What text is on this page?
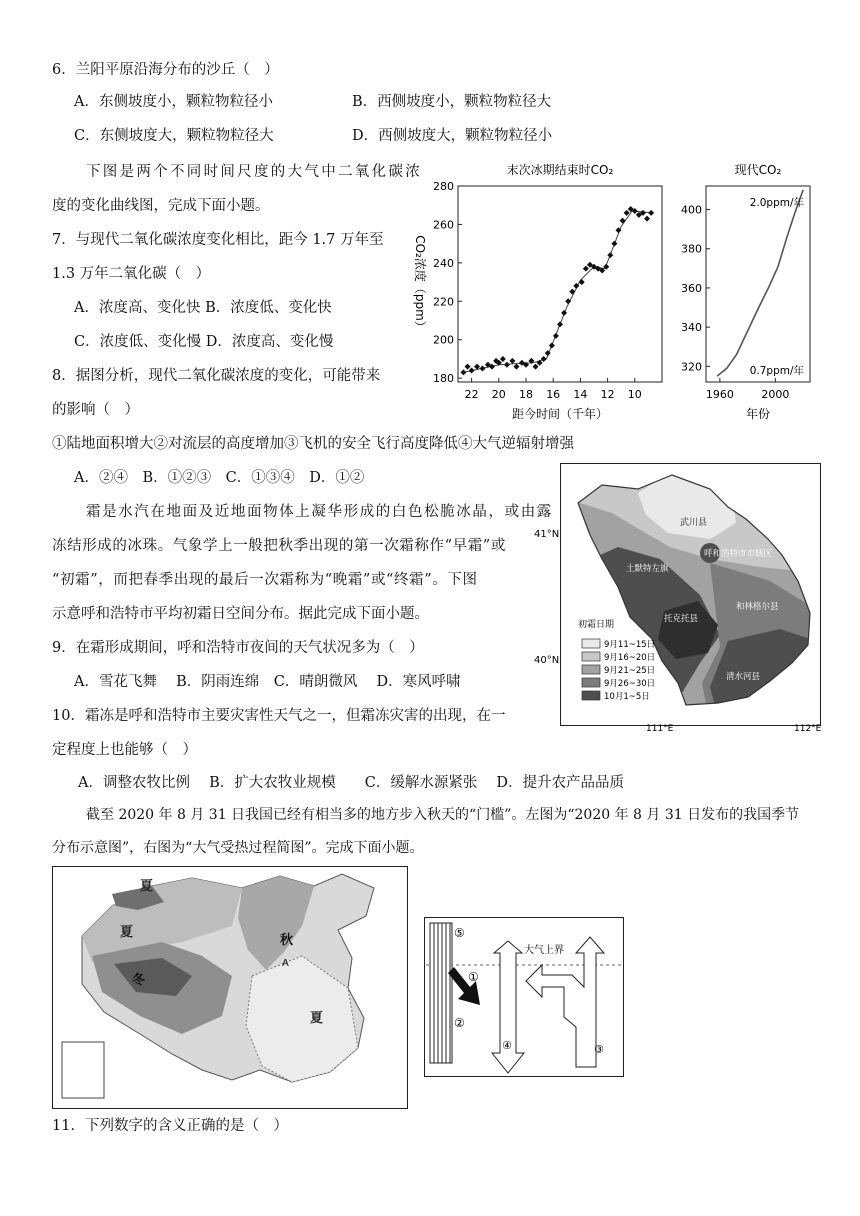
6．兰阳平原沿海分布的沙丘（　）
A．东侧坡度小，颗粒物粒径小	B．西侧坡度小，颗粒物粒径大
C．东侧坡度大，颗粒物粒径大	D．西侧坡度大，颗粒物粒径小
下图是两个不同时间尺度的大气中二氧化碳浓
度的变化曲线图，完成下面小题。
7．与现代二氧化碳浓度变化相比，距今 1.7 万年至
1.3 万年二氧化碳（　）
A．浓度高、变化快 B．浓度低、变化快
C．浓度低、变化慢 D．浓度高、变化慢
8．据图分析，现代二氧化碳浓度的变化，可能带来
的影响（　）
①陆地面积增大②对流层的高度增加③飞机的安全飞行高度降低④大气逆辐射增强
A．②④　B．①②③　C．①③④　D．①②
末次冰期结束时CO₂
180
200
220
240
260
280
22 20 18 16 14 12 10
距今时间（千年）
CO₂浓度（ppm）
现代CO₂
320
340
360
380
400
1960 2000
年份
2.0ppm/年
0.7ppm/年
霜是水汽在地面及近地面物体上凝华形成的白色松脆冰晶，或由露
冻结形成的冰珠。气象学上一般把秋季出现的第一次霜称作“早霜”或
“初霜”，而把春季出现的最后一次霜称为“晚霜”或“终霜”。下图
示意呼和浩特市平均初霜日空间分布。据此完成下面小题。
9．在霜形成期间，呼和浩特市夜间的天气状况多为（　）
A．雪花飞舞　 B．阴雨连绵　C．晴朗微风　 D．寒风呼啸
10．霜冻是呼和浩特市主要灾害性天气之一，但霜冻灾害的出现，在一
定程度上也能够（　）
A．调整农牧比例　 B．扩大农牧业规模　　C．缓解水源紧张　 D．提升农产品品质
41°N
40°N
111°E	112°E
武川县
呼和浩特市市辖区
土默特左旗
托克托县
和林格尔县
清水河县
初霜日期
9月11~15日
9月16~20日
9月21~25日
9月26~30日
10月1~5日
截至 2020 年 8 月 31 日我国已经有相当多的地方步入秋天的“门槛”。左图为“2020 年 8 月 31 日发布的我国季节
分布示意图”，右图为“大气受热过程简图”。完成下面小题。
夏
夏
冬
秋
夏
A
大气上界
⑤
①
②
④	③
11．下列数字的含义正确的是（　）
